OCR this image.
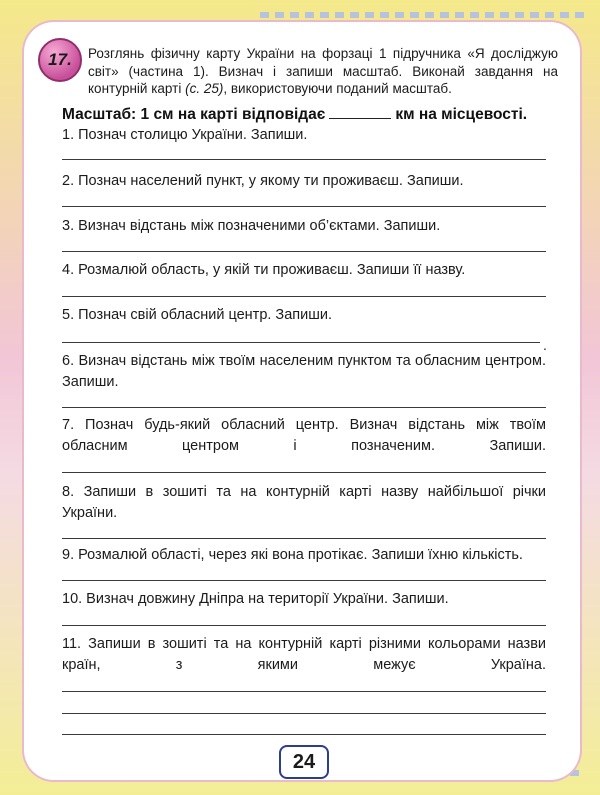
17.	Розглянь фізичну карту України на форзаці 1 підручника «Я досліджую світ» (частина 1). Визнач і запиши масштаб. Виконай завдання на контурній карті (с. 25), використовуючи поданий масштаб.
Масштаб: 1 см на карті відповідає	км на місцевості.
1. Познач столицю України. Запиши.
2. Познач населений пункт, у якому ти проживаєш. Запиши.
3. Визнач відстань між позначеними об’єктами. Запиши.
4. Розмалюй область, у якій ти проживаєш. Запиши її назву.
5. Познач свій обласний центр. Запиши.
.
6. Визнач відстань між твоїм населеним пунктом та обласним центром. Запиши.
7. Познач будь-який обласний центр. Визнач відстань між твоїм обласним центром і позначеним. Запиши.
8. Запиши в зошиті та на контурній карті назву найбільшої річки України.
9. Розмалюй області, через які вона протікає. Запиши їхню кількість.
10. Визнач довжину Дніпра на території України. Запиши.
11. Запиши в зошиті та на контурній карті різними кольорами назви країн, з якими межує Україна.
24
